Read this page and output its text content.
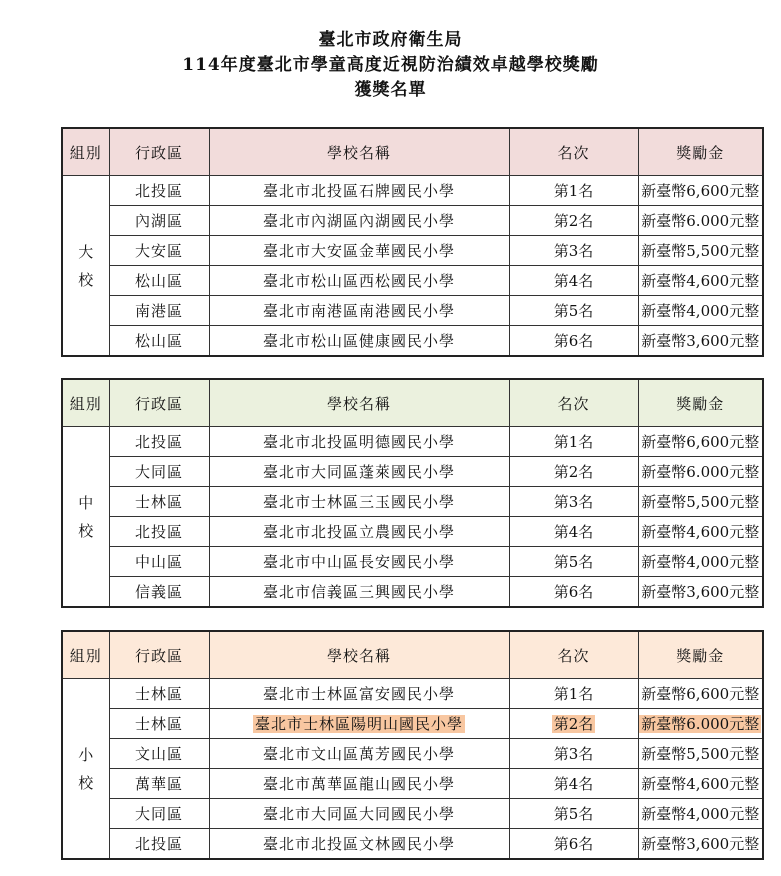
臺北市政府衛生局
114年度臺北市學童高度近視防治績效卓越學校獎勵
獲獎名單
組別	行政區	學校名稱	名次	獎勵金

大
校	北投區	臺北市北投區石牌國民小學	第1名	新臺幣6,600元整
	內湖區	臺北市內湖區內湖國民小學	第2名	新臺幣6.000元整
	大安區	臺北市大安區金華國民小學	第3名	新臺幣5,500元整
	松山區	臺北市松山區西松國民小學	第4名	新臺幣4,600元整
	南港區	臺北市南港區南港國民小學	第5名	新臺幣4,000元整
	松山區	臺北市松山區健康國民小學	第6名	新臺幣3,600元整
組別	行政區	學校名稱	名次	獎勵金

中
校	北投區	臺北市北投區明德國民小學	第1名	新臺幣6,600元整
	大同區	臺北市大同區蓬萊國民小學	第2名	新臺幣6.000元整
	士林區	臺北市士林區三玉國民小學	第3名	新臺幣5,500元整
	北投區	臺北市北投區立農國民小學	第4名	新臺幣4,600元整
	中山區	臺北市中山區長安國民小學	第5名	新臺幣4,000元整
	信義區	臺北市信義區三興國民小學	第6名	新臺幣3,600元整
組別	行政區	學校名稱	名次	獎勵金

小
校	士林區	臺北市士林區富安國民小學	第1名	新臺幣6,600元整
	士林區	臺北市士林區陽明山國民小學	第2名	新臺幣6.000元整
	文山區	臺北市文山區萬芳國民小學	第3名	新臺幣5,500元整
	萬華區	臺北市萬華區龍山國民小學	第4名	新臺幣4,600元整
	大同區	臺北市大同區大同國民小學	第5名	新臺幣4,000元整
	北投區	臺北市北投區文林國民小學	第6名	新臺幣3,600元整
